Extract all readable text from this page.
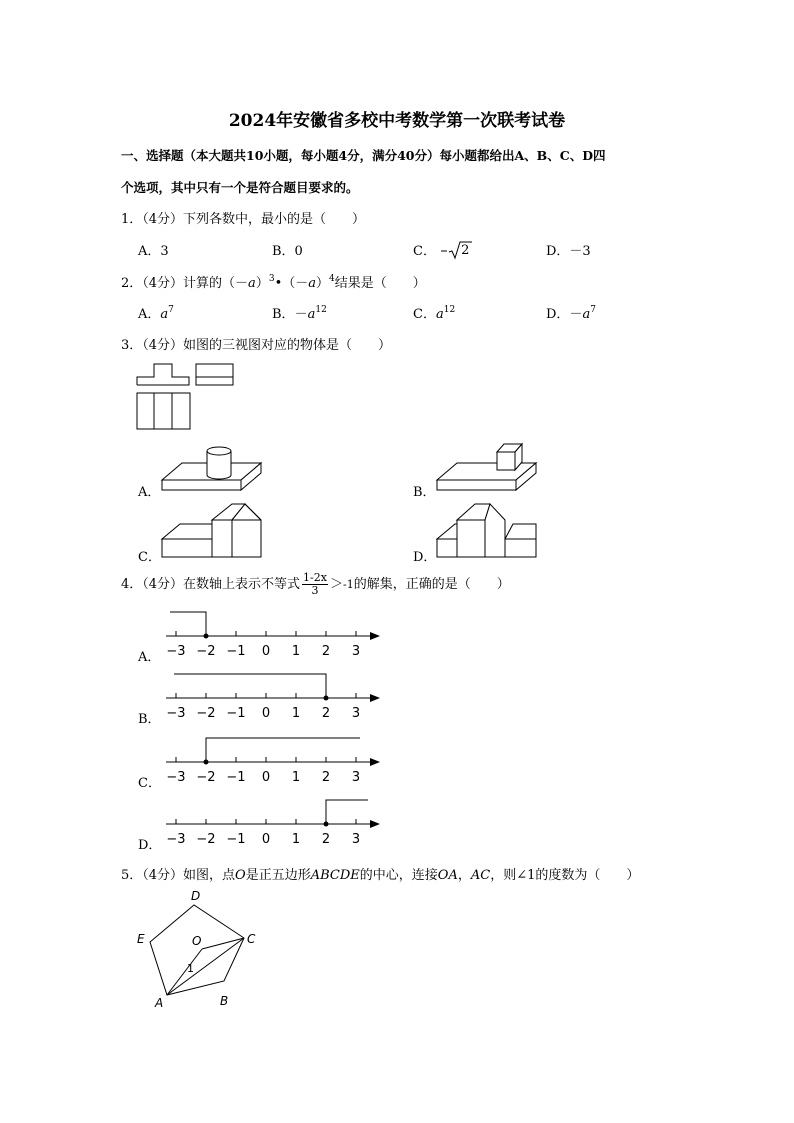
2024年安徽省多校中考数学第一次联考试卷
一、选择题（本大题共10小题，每小题4分，满分40分）每小题都给出A、B、C、D四
个选项，其中只有一个是符合题目要求的。
1．（4分）下列各数中，最小的是（　　）
A．3	B．0	C． 2	D．－3
2．（4分）计算的$(-a)^3•(-a)^4$结果是（　　）
A．$a^7$	B．$-a^{12}$	C．$a^{12}$	D．$-a^7$
3．（4分）如图的三视图对应的物体是（　　）
A．	B．
C．	D．
4．（4分）在数轴上表示不等式 $\frac{1-2x}{3} >-1$的解集，正确的是（　　）
A． −3 −2 −1 0 1 2 3
B． −3 −2 −1 0 1 2 3
C． −3 −2 −1 0 1 2 3
D． −3 −2 −1 0 1 2 3
5．（4分）如图，点O是正五边形ABCDE的中心，连接OA，AC，则∠1的度数为（　　）
A	B
C
D
E	O
1
